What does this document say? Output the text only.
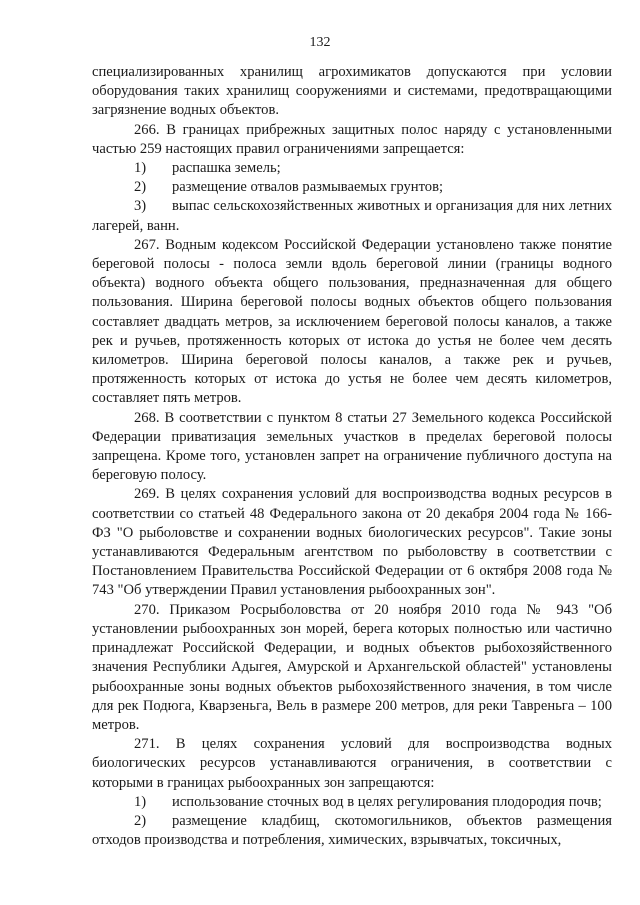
132

специализированных хранилищ агрохимикатов допускаются при условии оборудования таких хранилищ сооружениями и системами, предотвращающими загрязнение водных объектов.

266. В границах прибрежных защитных полос наряду с установленными частью 259 настоящих правил ограничениями запрещается:

1)	распашка земель;
2)	размещение отвалов размываемых грунтов;

3) выпас сельскохозяйственных животных и организация для них летних лагерей, ванн.

267. Водным кодексом Российской Федерации установлено также понятие береговой полосы - полоса земли вдоль береговой линии (границы водного объекта) водного объекта общего пользования, предназначенная для общего пользования. Ширина береговой полосы водных объектов общего пользования составляет двадцать метров, за исключением береговой полосы каналов, а также рек и ручьев, протяженность которых от истока до устья не более чем десять километров. Ширина береговой полосы каналов, а также рек и ручьев, протяженность которых от истока до устья не более чем десять километров, составляет пять метров.

268. В соответствии с пунктом 8 статьи 27 Земельного кодекса Российской Федерации приватизация земельных участков в пределах береговой полосы запрещена. Кроме того, установлен запрет на ограничение публичного доступа на береговую полосу.

269. В целях сохранения условий для воспроизводства водных ресурсов в соответствии со статьей 48 Федерального закона от 20 декабря 2004 года № 166-ФЗ "О рыболовстве и сохранении водных биологических ресурсов". Такие зоны устанавливаются Федеральным агентством по рыболовству в соответствии с Постановлением Правительства Российской Федерации от 6 октября 2008 года № 743 "Об утверждении Правил установления рыбоохранных зон".

270. Приказом Росрыболовства от 20 ноября 2010 года № 943 "Об установлении рыбоохранных зон морей, берега которых полностью или частично принадлежат Российской Федерации, и водных объектов рыбохозяйственного значения Республики Адыгея, Амурской и Архангельской областей" установлены рыбоохранные зоны водных объектов рыбохозяйственного значения, в том числе для рек Подюга, Кварзеньга, Вель в размере 200 метров, для реки Тавреньга – 100 метров.

271. В целях сохранения условий для воспроизводства водных биологических ресурсов устанавливаются ограничения, в соответствии с которыми в границах рыбоохранных зон запрещаются:

1) использование сточных вод в целях регулирования плодородия почв;

2) размещение кладбищ, скотомогильников, объектов размещения отходов производства и потребления, химических, взрывчатых, токсичных,
